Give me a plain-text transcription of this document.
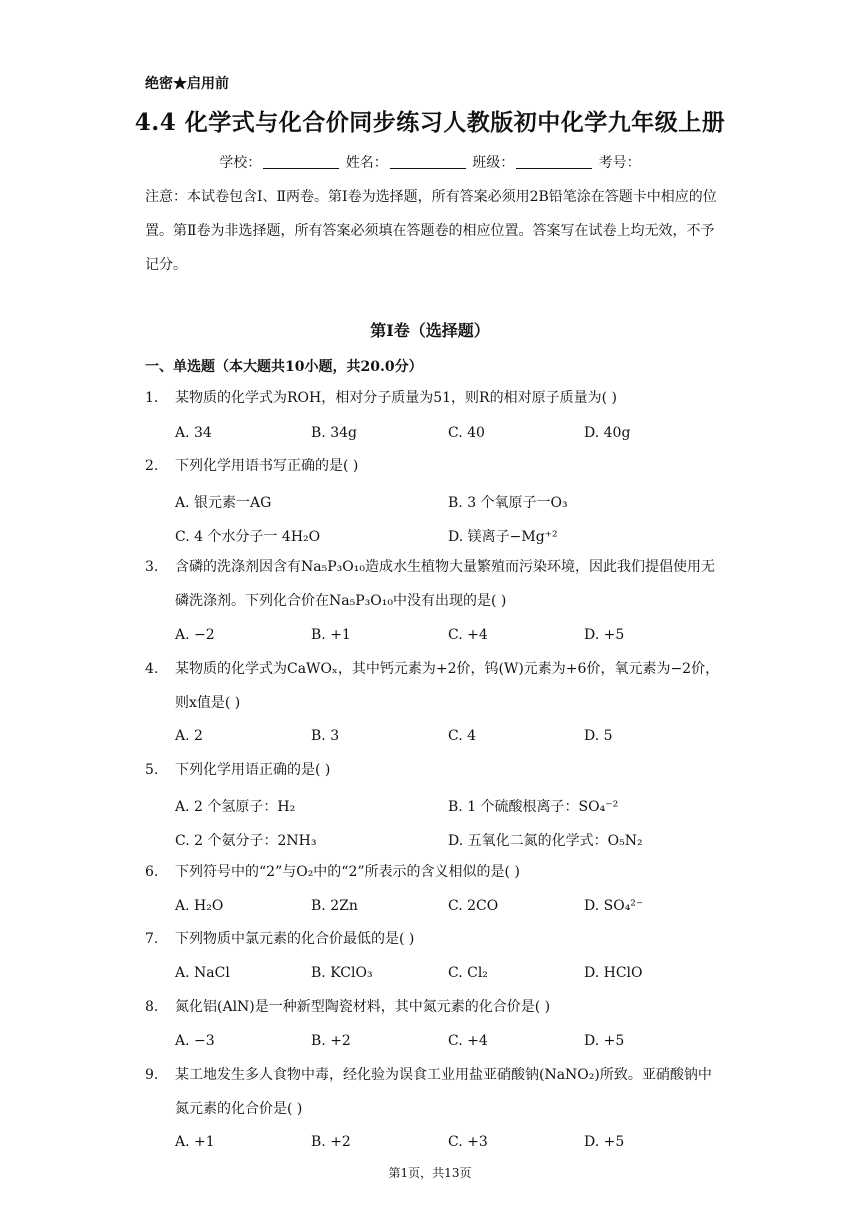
绝密★启用前
4.4 化学式与化合价同步练习人教版初中化学九年级上册
学校：	姓名：	班级：	考号：
注意：本试卷包含Ⅰ、Ⅱ两卷。第Ⅰ卷为选择题，所有答案必须用2B铅笔涂在答题卡中相应的位置。第Ⅱ卷为非选择题，所有答案必须填在答题卷的相应位置。答案写在试卷上均无效，不予记分。
第Ⅰ卷（选择题）
一、单选题（本大题共10小题，共20.0分）
1. 某物质的化学式为ROH，相对分子质量为51，则R的相对原子质量为( )
A. 34	B. 34g	C. 40	D. 40g
2. 下列化学用语书写正确的是( )
A. 银元素一AG	B. 3 个氧原子一O₃
C. 4 个水分子一 4H₂O	D. 镁离子−Mg⁺²
3. 含磷的洗涤剂因含有Na₅P₃O₁₀造成水生植物大量繁殖而污染环境，因此我们提倡使用无磷洗涤剂。下列化合价在Na₅P₃O₁₀中没有出现的是( )
A. −2	B. +1	C. +4	D. +5
4. 某物质的化学式为CaWOₓ，其中钙元素为+2价，钨(W)元素为+6价，氧元素为−2价，则x值是( )
A. 2	B. 3	C. 4	D. 5
5. 下列化学用语正确的是( )
A. 2 个氢原子：H₂	B. 1 个硫酸根离子：SO₄⁻²
C. 2 个氨分子：2NH₃	D. 五氧化二氮的化学式：O₅N₂
6. 下列符号中的“2”与O₂中的“2”所表示的含义相似的是( )
A. H₂O	B. 2Zn	C. 2CO	D. SO₄²⁻
7. 下列物质中氯元素的化合价最低的是( )
A. NaCl	B. KClO₃	C. Cl₂	D. HClO
8. 氮化铝(AlN)是一种新型陶瓷材料，其中氮元素的化合价是( )
A. −3	B. +2	C. +4	D. +5
9. 某工地发生多人食物中毒，经化验为误食工业用盐亚硝酸钠(NaNO₂)所致。亚硝酸钠中氮元素的化合价是( )
A. +1	B. +2	C. +3	D. +5
第1页，共13页
